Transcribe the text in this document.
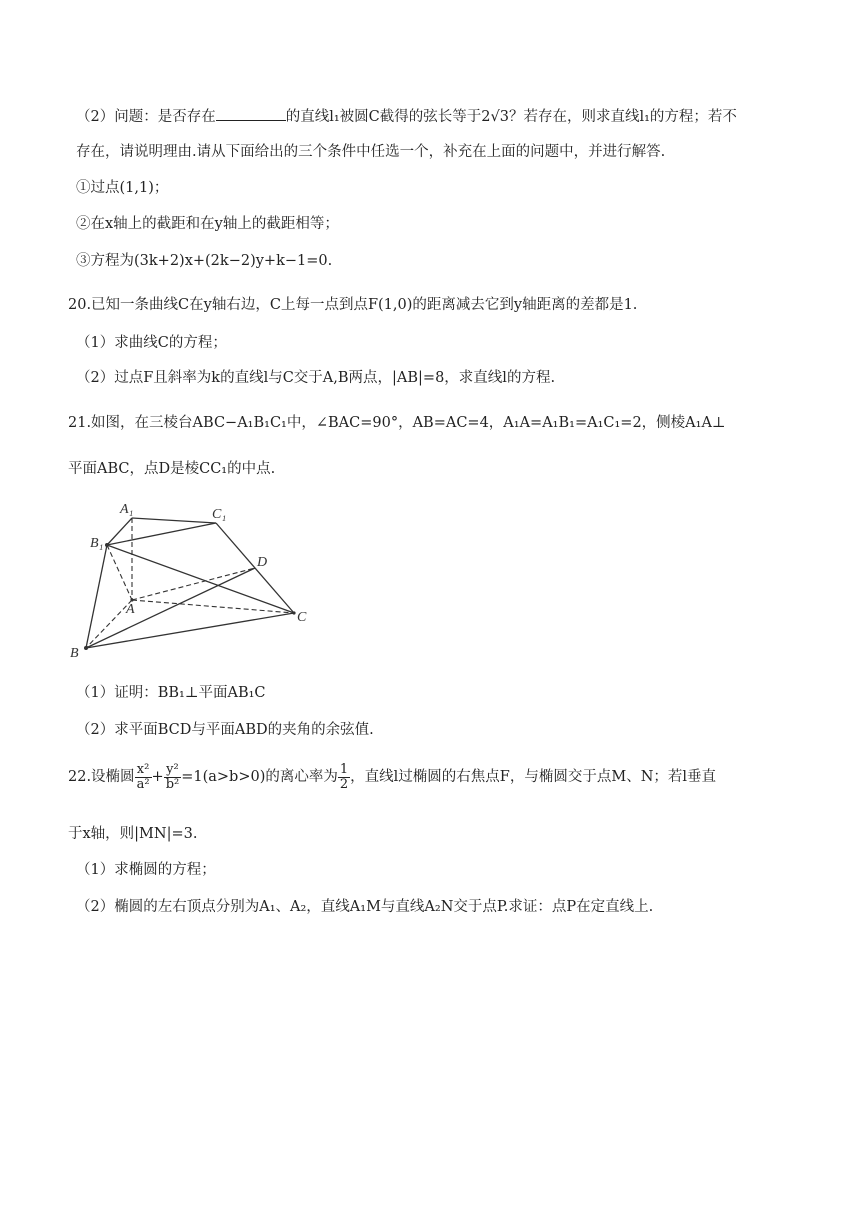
（2）问题：是否存在	的直线l₁被圆C截得的弦长等于2√3？若存在，则求直线l₁的方程；若不
存在，请说明理由.请从下面给出的三个条件中任选一个，补充在上面的问题中，并进行解答.
①过点(1,1)；
②在x轴上的截距和在y轴上的截距相等；
③方程为(3k+2)x+(2k−2)y+k−1=0.
20.已知一条曲线C在y轴右边，C上每一点到点F(1,0)的距离减去它到y轴距离的差都是1.
（1）求曲线C的方程；
（2）过点F且斜率为k的直线l与C交于A,B两点，|AB|=8，求直线l的方程.
21.如图，在三棱台ABC−A₁B₁C₁中，∠BAC=90°，AB=AC=4，A₁A=A₁B₁=A₁C₁=2，侧棱A₁A⊥
平面ABC，点D是棱CC₁的中点.
A₁	C₁
B₁
D
A
C
B
（1）证明：BB₁⊥平面AB₁C
（2）求平面BCD与平面ABD的夹角的余弦值.
22.设椭圆 $\frac{\text{x²}}{\text{a²}} + \frac{\text{y²}}{\text{b²}} =1(a>b>0)$的离心率为 $\frac{1}{2}$ ，直线l过椭圆的右焦点F，与椭圆交于点M、N；若l垂直
于x轴，则|MN|=3.
（1）求椭圆的方程；
（2）椭圆的左右顶点分别为A₁、A₂，直线A₁M与直线A₂N交于点P.求证：点P在定直线上.
